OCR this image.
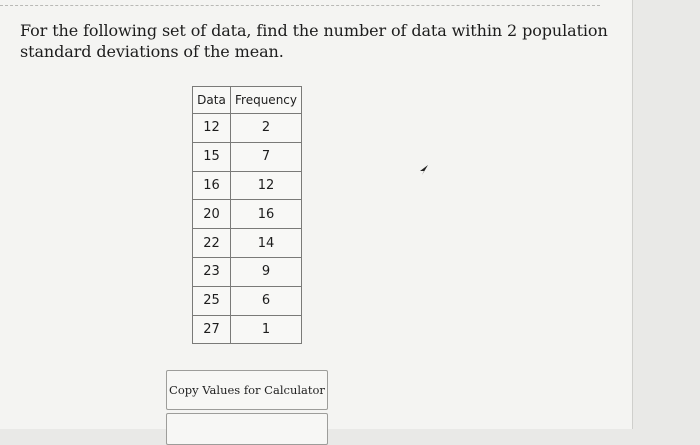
For the following set of data, find the number of data within 2 population standard deviations of the mean.
Data	Frequency
12	2
15	7
16	12
20	16
22	14
23	9
25	6
27	1
Copy Values for Calculator
